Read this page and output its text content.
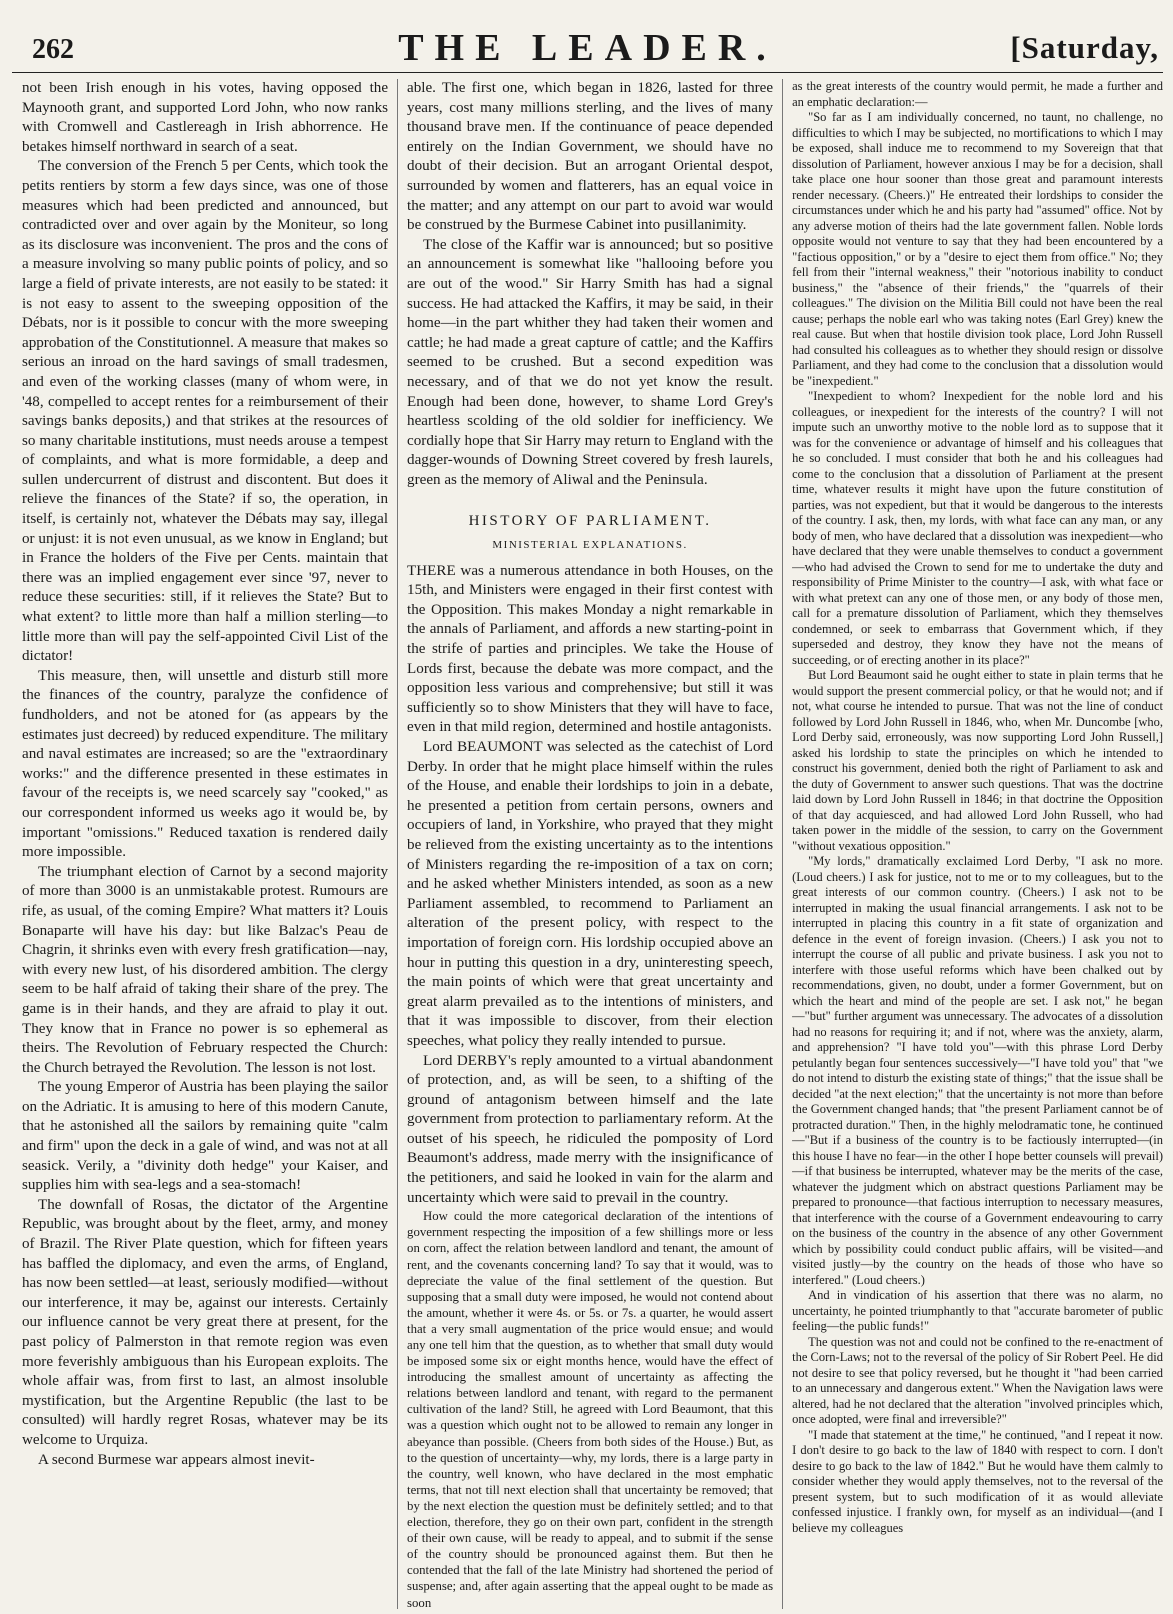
262	THE LEADER.	[Saturday,

not been Irish enough in his votes, having opposed the Maynooth grant, and supported Lord John, who now ranks with Cromwell and Castlereagh in Irish abhorrence. He betakes himself northward in search of a seat.

The conversion of the French 5 per Cents, which took the petits rentiers by storm a few days since, was one of those measures which had been predicted and announced, but contradicted over and over again by the Moniteur, so long as its disclosure was inconvenient. The pros and the cons of a measure involving so many public points of policy, and so large a field of private interests, are not easily to be stated: it is not easy to assent to the sweeping opposition of the Débats, nor is it possible to concur with the more sweeping approbation of the Constitutionnel. A measure that makes so serious an inroad on the hard savings of small tradesmen, and even of the working classes (many of whom were, in '48, compelled to accept rentes for a reimbursement of their savings banks deposits,) and that strikes at the resources of so many charitable institutions, must needs arouse a tempest of complaints, and what is more formidable, a deep and sullen undercurrent of distrust and discontent. But does it relieve the finances of the State? if so, the operation, in itself, is certainly not, whatever the Débats may say, illegal or unjust: it is not even unusual, as we know in England; but in France the holders of the Five per Cents. maintain that there was an implied engagement ever since '97, never to reduce these securities: still, if it relieves the State? But to what extent? to little more than half a million sterling—to little more than will pay the self-appointed Civil List of the dictator!

This measure, then, will unsettle and disturb still more the finances of the country, paralyze the confidence of fundholders, and not be atoned for (as appears by the estimates just decreed) by reduced expenditure. The military and naval estimates are increased; so are the "extraordinary works:" and the difference presented in these estimates in favour of the receipts is, we need scarcely say "cooked," as our correspondent informed us weeks ago it would be, by important "omissions." Reduced taxation is rendered daily more impossible.

The triumphant election of Carnot by a second majority of more than 3000 is an unmistakable protest. Rumours are rife, as usual, of the coming Empire? What matters it? Louis Bonaparte will have his day: but like Balzac's Peau de Chagrin, it shrinks even with every fresh gratification—nay, with every new lust, of his disordered ambition. The clergy seem to be half afraid of taking their share of the prey. The game is in their hands, and they are afraid to play it out. They know that in France no power is so ephemeral as theirs. The Revolution of February respected the Church: the Church betrayed the Revolution. The lesson is not lost.

The young Emperor of Austria has been playing the sailor on the Adriatic. It is amusing to here of this modern Canute, that he astonished all the sailors by remaining quite "calm and firm" upon the deck in a gale of wind, and was not at all seasick. Verily, a "divinity doth hedge" your Kaiser, and supplies him with sea-legs and a sea-stomach!

The downfall of Rosas, the dictator of the Argentine Republic, was brought about by the fleet, army, and money of Brazil. The River Plate question, which for fifteen years has baffled the diplomacy, and even the arms, of England, has now been settled—at least, seriously modified—without our interference, it may be, against our interests. Certainly our influence cannot be very great there at present, for the past policy of Palmerston in that remote region was even more feverishly ambiguous than his European exploits. The whole affair was, from first to last, an almost insoluble mystification, but the Argentine Republic (the last to be consulted) will hardly regret Rosas, whatever may be its welcome to Urquiza.

A second Burmese war appears almost inevit-

able. The first one, which began in 1826, lasted for three years, cost many millions sterling, and the lives of many thousand brave men. If the continuance of peace depended entirely on the Indian Government, we should have no doubt of their decision. But an arrogant Oriental despot, surrounded by women and flatterers, has an equal voice in the matter; and any attempt on our part to avoid war would be construed by the Burmese Cabinet into pusillanimity.

The close of the Kaffir war is announced; but so positive an announcement is somewhat like "hallooing before you are out of the wood." Sir Harry Smith has had a signal success. He had attacked the Kaffirs, it may be said, in their home—in the part whither they had taken their women and cattle; he had made a great capture of cattle; and the Kaffirs seemed to be crushed. But a second expedition was necessary, and of that we do not yet know the result. Enough had been done, however, to shame Lord Grey's heartless scolding of the old soldier for inefficiency. We cordially hope that Sir Harry may return to England with the dagger-wounds of Downing Street covered by fresh laurels, green as the memory of Aliwal and the Peninsula.

HISTORY OF PARLIAMENT.
MINISTERIAL EXPLANATIONS.

THERE was a numerous attendance in both Houses, on the 15th, and Ministers were engaged in their first contest with the Opposition. This makes Monday a night remarkable in the annals of Parliament, and affords a new starting-point in the strife of parties and principles. We take the House of Lords first, because the debate was more compact, and the opposition less various and comprehensive; but still it was sufficiently so to show Ministers that they will have to face, even in that mild region, determined and hostile antagonists.

Lord BEAUMONT was selected as the catechist of Lord Derby. In order that he might place himself within the rules of the House, and enable their lordships to join in a debate, he presented a petition from certain persons, owners and occupiers of land, in Yorkshire, who prayed that they might be relieved from the existing uncertainty as to the intentions of Ministers regarding the re-imposition of a tax on corn; and he asked whether Ministers intended, as soon as a new Parliament assembled, to recommend to Parliament an alteration of the present policy, with respect to the importation of foreign corn. His lordship occupied above an hour in putting this question in a dry, uninteresting speech, the main points of which were that great uncertainty and great alarm prevailed as to the intentions of ministers, and that it was impossible to discover, from their election speeches, what policy they really intended to pursue.

Lord DERBY's reply amounted to a virtual abandonment of protection, and, as will be seen, to a shifting of the ground of antagonism between himself and the late government from protection to parliamentary reform. At the outset of his speech, he ridiculed the pomposity of Lord Beaumont's address, made merry with the insignificance of the petitioners, and said he looked in vain for the alarm and uncertainty which were said to prevail in the country.

How could the more categorical declaration of the intentions of government respecting the imposition of a few shillings more or less on corn, affect the relation between landlord and tenant, the amount of rent, and the covenants concerning land? To say that it would, was to depreciate the value of the final settlement of the question. But supposing that a small duty were imposed, he would not contend about the amount, whether it were 4s. or 5s. or 7s. a quarter, he would assert that a very small augmentation of the price would ensue; and would any one tell him that the question, as to whether that small duty would be imposed some six or eight months hence, would have the effect of introducing the smallest amount of uncertainty as affecting the relations between landlord and tenant, with regard to the permanent cultivation of the land? Still, he agreed with Lord Beaumont, that this was a question which ought not to be allowed to remain any longer in abeyance than possible. (Cheers from both sides of the House.) But, as to the question of uncertainty—why, my lords, there is a large party in the country, well known, who have declared in the most emphatic terms, that not till next election shall that uncertainty be removed; that by the next election the question must be definitely settled; and to that election, therefore, they go on their own part, confident in the strength of their own cause, will be ready to appeal, and to submit if the sense of the country should be pronounced against them. But then he contended that the fall of the late Ministry had shortened the period of suspense; and, after again asserting that the appeal ought to be made as soon

as the great interests of the country would permit, he made a further and an emphatic declaration:—

"So far as I am individually concerned, no taunt, no challenge, no difficulties to which I may be subjected, no mortifications to which I may be exposed, shall induce me to recommend to my Sovereign that that dissolution of Parliament, however anxious I may be for a decision, shall take place one hour sooner than those great and paramount interests render necessary. (Cheers.)" He entreated their lordships to consider the circumstances under which he and his party had "assumed" office. Not by any adverse motion of theirs had the late government fallen. Noble lords opposite would not venture to say that they had been encountered by a "factious opposition," or by a "desire to eject them from office." No; they fell from their "internal weakness," their "notorious inability to conduct business," the "absence of their friends," the "quarrels of their colleagues." The division on the Militia Bill could not have been the real cause; perhaps the noble earl who was taking notes (Earl Grey) knew the real cause. But when that hostile division took place, Lord John Russell had consulted his colleagues as to whether they should resign or dissolve Parliament, and they had come to the conclusion that a dissolution would be "inexpedient."

"Inexpedient to whom? Inexpedient for the noble lord and his colleagues, or inexpedient for the interests of the country? I will not impute such an unworthy motive to the noble lord as to suppose that it was for the convenience or advantage of himself and his colleagues that he so concluded. I must consider that both he and his colleagues had come to the conclusion that a dissolution of Parliament at the present time, whatever results it might have upon the future constitution of parties, was not expedient, but that it would be dangerous to the interests of the country. I ask, then, my lords, with what face can any man, or any body of men, who have declared that a dissolution was inexpedient—who have declared that they were unable themselves to conduct a government—who had advised the Crown to send for me to undertake the duty and responsibility of Prime Minister to the country—I ask, with what face or with what pretext can any one of those men, or any body of those men, call for a premature dissolution of Parliament, which they themselves condemned, or seek to embarrass that Government which, if they superseded and destroy, they know they have not the means of succeeding, or of erecting another in its place?"

But Lord Beaumont said he ought either to state in plain terms that he would support the present commercial policy, or that he would not; and if not, what course he intended to pursue. That was not the line of conduct followed by Lord John Russell in 1846, who, when Mr. Duncombe [who, Lord Derby said, erroneously, was now supporting Lord John Russell,] asked his lordship to state the principles on which he intended to construct his government, denied both the right of Parliament to ask and the duty of Government to answer such questions. That was the doctrine laid down by Lord John Russell in 1846; in that doctrine the Opposition of that day acquiesced, and had allowed Lord John Russell, who had taken power in the middle of the session, to carry on the Government "without vexatious opposition."

"My lords," dramatically exclaimed Lord Derby, "I ask no more. (Loud cheers.) I ask for justice, not to me or to my colleagues, but to the great interests of our common country. (Cheers.) I ask not to be interrupted in making the usual financial arrangements. I ask not to be interrupted in placing this country in a fit state of organization and defence in the event of foreign invasion. (Cheers.) I ask you not to interrupt the course of all public and private business. I ask you not to interfere with those useful reforms which have been chalked out by recommendations, given, no doubt, under a former Government, but on which the heart and mind of the people are set. I ask not," he began—"but" further argument was unnecessary. The advocates of a dissolution had no reasons for requiring it; and if not, where was the anxiety, alarm, and apprehension? "I have told you"—with this phrase Lord Derby petulantly began four sentences successively—"I have told you" that "we do not intend to disturb the existing state of things;" that the issue shall be decided "at the next election;" that the uncertainty is not more than before the Government changed hands; that "the present Parliament cannot be of protracted duration." Then, in the highly melodramatic tone, he continued—"But if a business of the country is to be factiously interrupted—(in this house I have no fear—in the other I hope better counsels will prevail)—if that business be interrupted, whatever may be the merits of the case, whatever the judgment which on abstract questions Parliament may be prepared to pronounce—that factious interruption to necessary measures, that interference with the course of a Government endeavouring to carry on the business of the country in the absence of any other Government which by possibility could conduct public affairs, will be visited—and visited justly—by the country on the heads of those who have so interfered." (Loud cheers.)

And in vindication of his assertion that there was no alarm, no uncertainty, he pointed triumphantly to that "accurate barometer of public feeling—the public funds!"

The question was not and could not be confined to the re-enactment of the Corn-Laws; not to the reversal of the policy of Sir Robert Peel. He did not desire to see that policy reversed, but he thought it "had been carried to an unnecessary and dangerous extent." When the Navigation laws were altered, had he not declared that the alteration "involved principles which, once adopted, were final and irreversible?"

"I made that statement at the time," he continued, "and I repeat it now. I don't desire to go back to the law of 1840 with respect to corn. I don't desire to go back to the law of 1842." But he would have them calmly to consider whether they would apply themselves, not to the reversal of the present system, but to such modification of it as would alleviate confessed injustice. I frankly own, for myself as an individual—(and I believe my colleagues
